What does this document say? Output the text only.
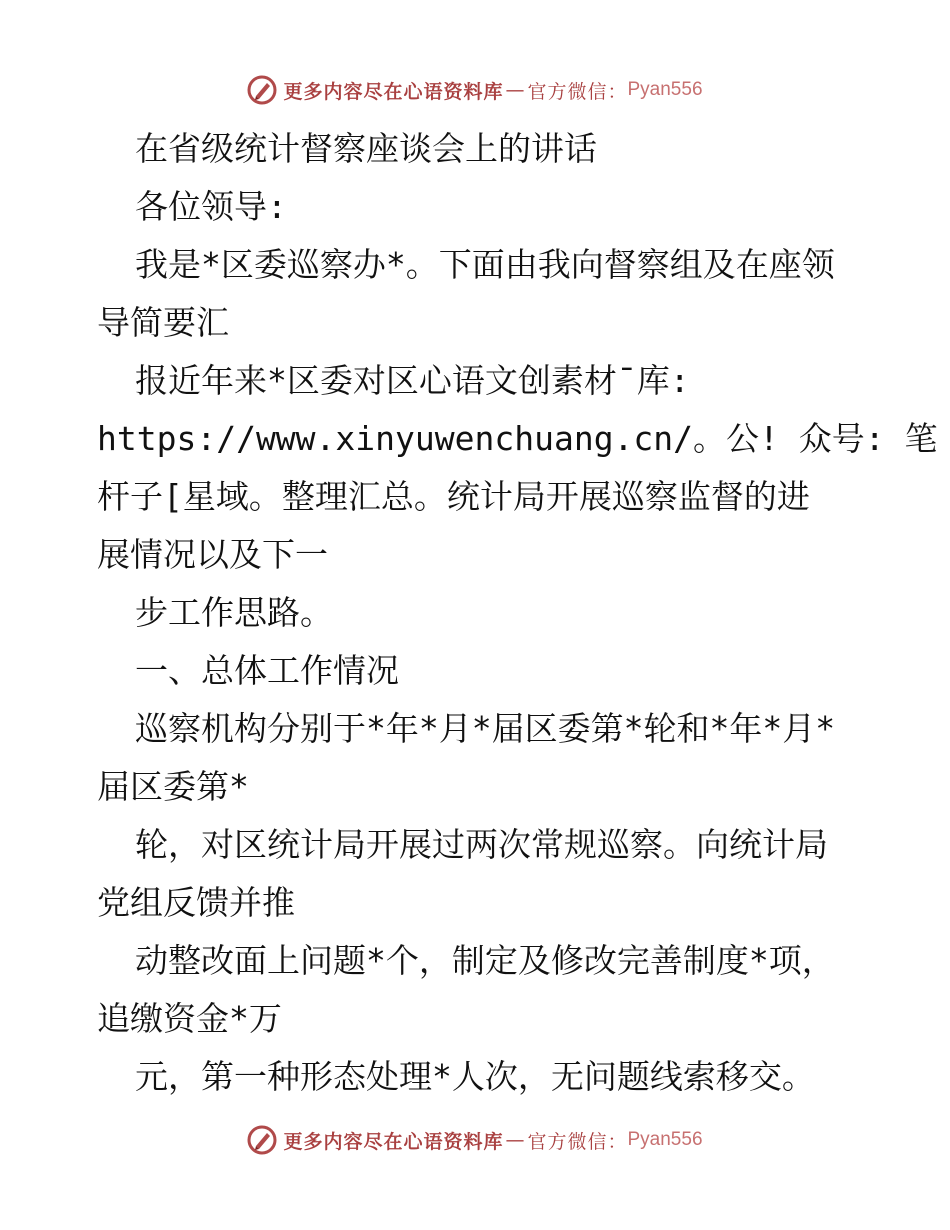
更多内容尽在心语资料库 — 官方微信： Pyan556

在省级统计督察座谈会上的讲话

各位领导:

我是*区委巡察办*。下面由我向督察组及在座领

导简要汇

报近年来*区委对区心语文创素材¯库:

https://www.xinyuwenchuang.cn/。公! 众号: 笔

杆子[星域。整理汇总。统计局开展巡察监督的进

展情况以及下一

步工作思路。

一、总体工作情况

巡察机构分别于*年*月*届区委第*轮和*年*月*

届区委第*

轮，对区统计局开展过两次常规巡察。向统计局

党组反馈并推

动整改面上问题*个，制定及修改完善制度*项，

追缴资金*万

元，第一种形态处理*人次，无问题线索移交。

更多内容尽在心语资料库 — 官方微信： Pyan556
